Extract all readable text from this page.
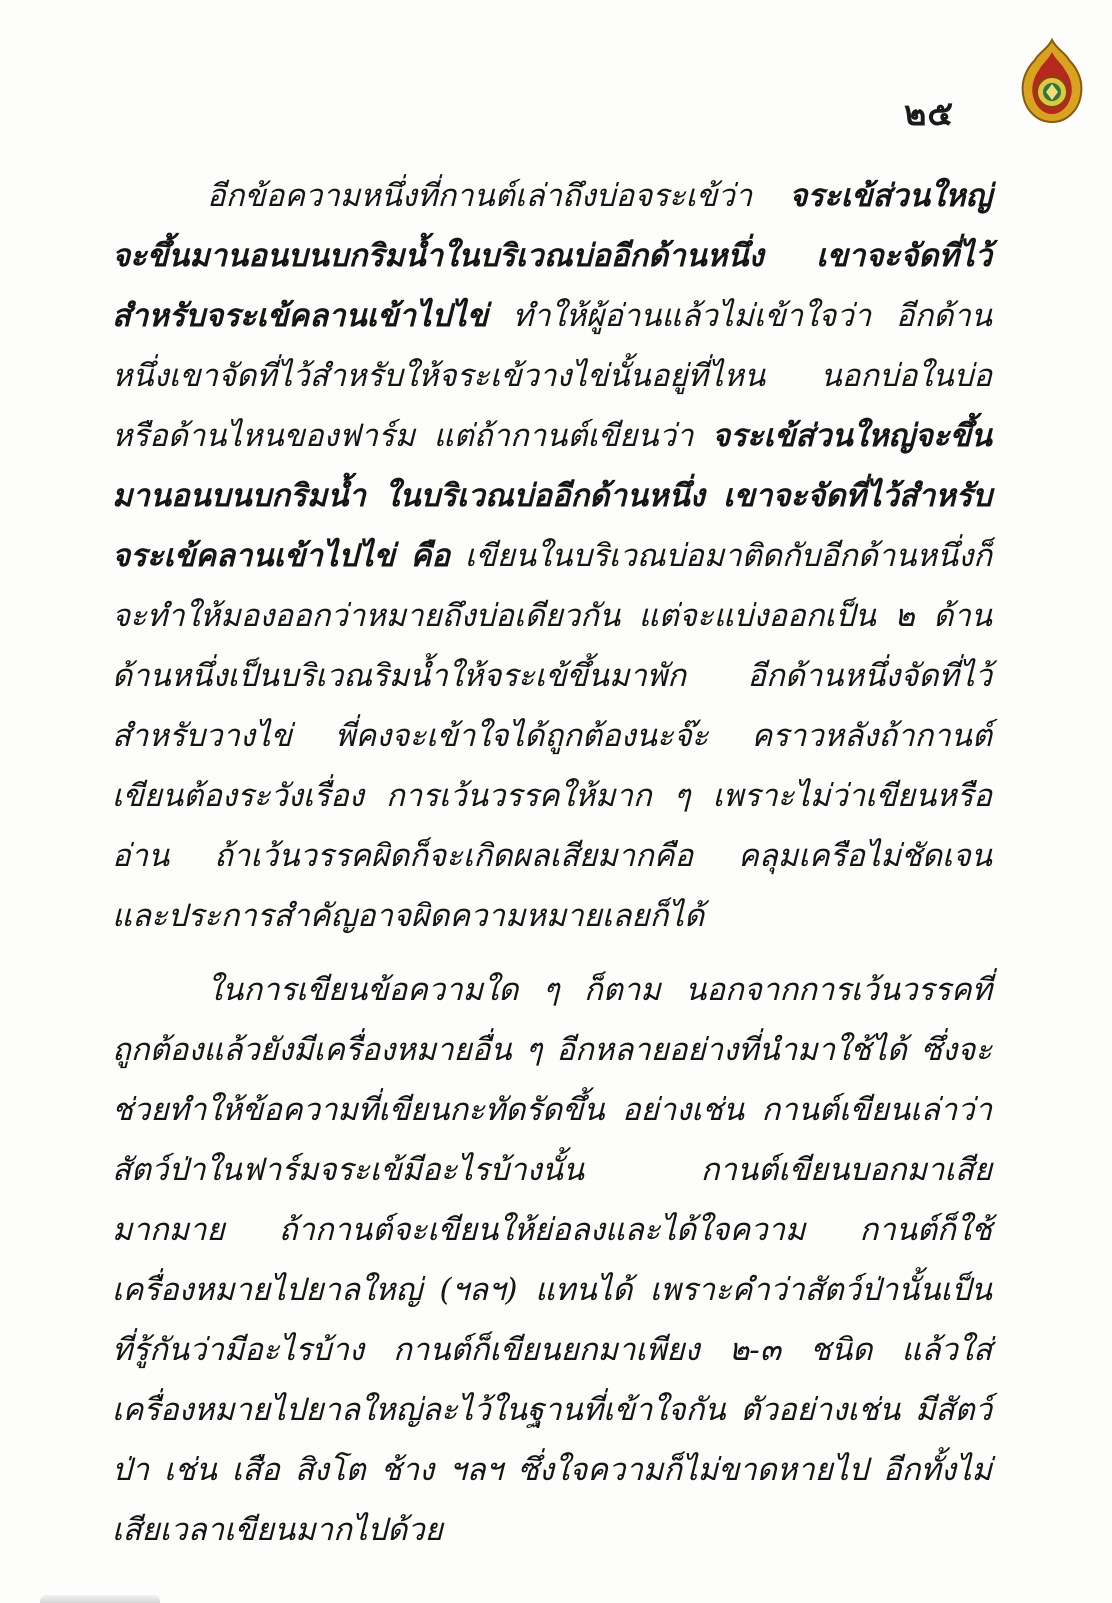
๒๕

อีกข้อความหนึ่งที่กานต์เล่าถึงบ่อจระเข้ว่า จระเข้ส่วนใหญ่จะขึ้นมานอนบนบกริมน้ำในบริเวณบ่ออีกด้านหนึ่ง เขาจะจัดที่ไว้สำหรับจระเข้คลานเข้าไปไข่ ทำให้ผู้อ่านแล้วไม่เข้าใจว่า อีกด้านหนึ่งเขาจัดที่ไว้สำหรับให้จระเข้วางไข่นั้นอยู่ที่ไหน นอกบ่อในบ่อ หรือด้านไหนของฟาร์ม แต่ถ้ากานต์เขียนว่า จระเข้ส่วนใหญ่จะขึ้นมานอนบนบกริมน้ำ ในบริเวณบ่ออีกด้านหนึ่ง เขาจะจัดที่ไว้สำหรับจระเข้คลานเข้าไปไข่ คือ เขียนในบริเวณบ่อมาติดกับอีกด้านหนึ่งก็จะทำให้มองออกว่าหมายถึงบ่อเดียวกัน แต่จะแบ่งออกเป็น ๒ ด้าน ด้านหนึ่งเป็นบริเวณริมน้ำให้จระเข้ขึ้นมาพัก อีกด้านหนึ่งจัดที่ไว้สำหรับวางไข่ พี่คงจะเข้าใจได้ถูกต้องนะจ๊ะ คราวหลังถ้ากานต์เขียนต้องระวังเรื่อง การเว้นวรรคให้มาก ๆ เพราะไม่ว่าเขียนหรืออ่าน ถ้าเว้นวรรคผิดก็จะเกิดผลเสียมากคือ คลุมเครือไม่ชัดเจน และประการสำคัญอาจผิดความหมายเลยก็ได้

ในการเขียนข้อความใด ๆ ก็ตาม นอกจากการเว้นวรรคที่ถูกต้องแล้วยังมีเครื่องหมายอื่น ๆ อีกหลายอย่างที่นำมาใช้ได้ ซึ่งจะช่วยทำให้ข้อความที่เขียนกะทัดรัดขึ้น อย่างเช่น กานต์เขียนเล่าว่าสัตว์ป่าในฟาร์มจระเข้มีอะไรบ้างนั้น กานต์เขียนบอกมาเสียมากมาย ถ้ากานต์จะเขียนให้ย่อลงและได้ใจความ กานต์ก็ใช้เครื่องหมายไปยาลใหญ่ (ฯลฯ) แทนได้ เพราะคำว่าสัตว์ป่านั้นเป็นที่รู้กันว่ามีอะไรบ้าง กานต์ก็เขียนยกมาเพียง ๒-๓ ชนิด แล้วใส่เครื่องหมายไปยาลใหญ่ละไว้ในฐานที่เข้าใจกัน ตัวอย่างเช่น มีสัตว์ป่า เช่น เสือ สิงโต ช้าง ฯลฯ ซึ่งใจความก็ไม่ขาดหายไป อีกทั้งไม่เสียเวลาเขียนมากไปด้วย
